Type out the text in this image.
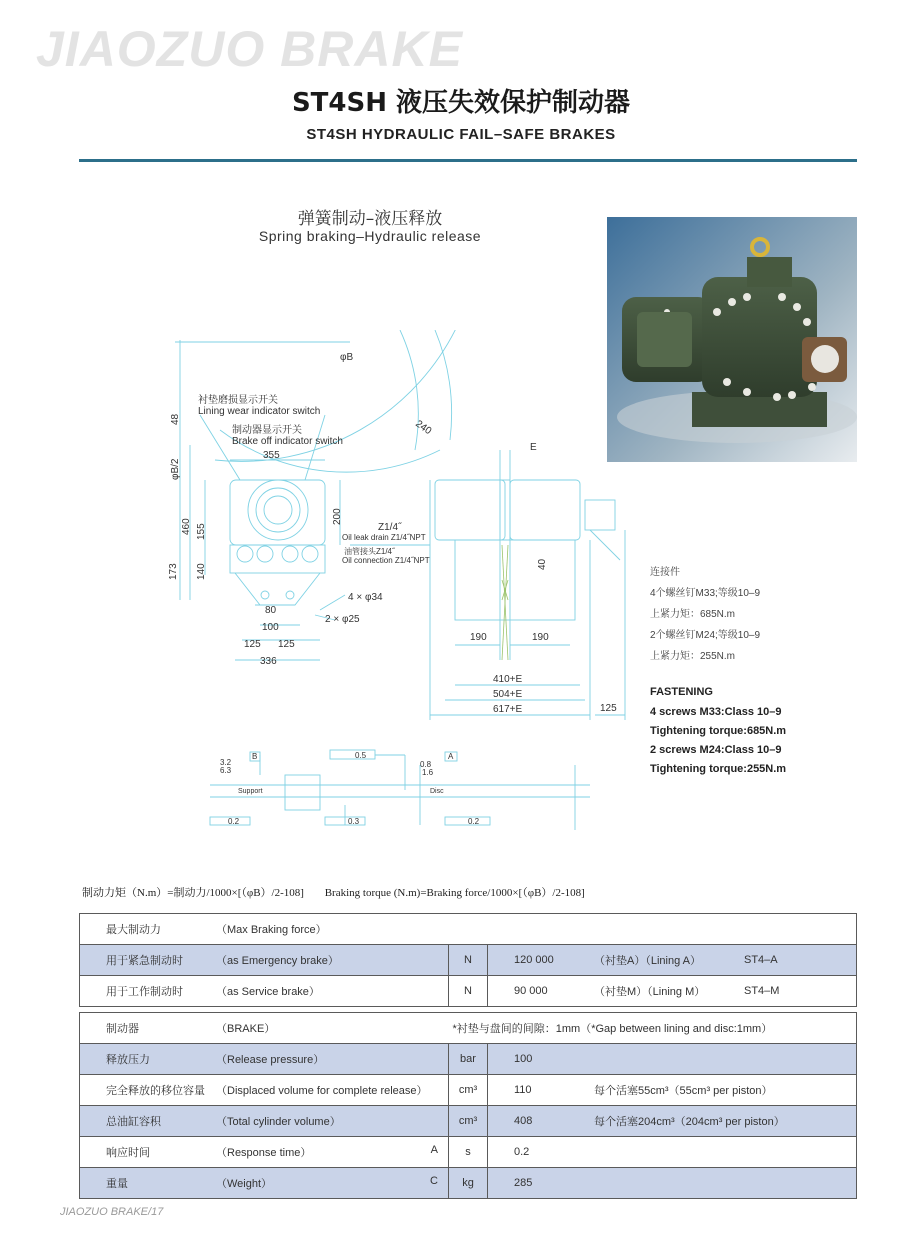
JIAOZUO BRAKE
ST4SH 液压失效保护制动器
ST4SH HYDRAULIC FAIL–SAFE BRAKES
弹簧制动–液压释放
Spring braking–Hydraulic release
φB
240
48
φB/2
衬垫磨损显示开关
Lining wear indicator switch
制动器显示开关
Brake off indicator switch
355
200
Z1/4˝
Oil leak drain Z1/4˝NPT
油管接头Z1/4˝
Oil connection Z1/4˝NPT
460 155
140
173
80
100
125 125
336
4 × φ34
2 × φ25
E
40
190	190
410+E
504+E
617+E	125
0.5
0.3
0.2	0.2
A
B
3.2
6.3
0.8
1.6
Support	Disc
连接件
4个螺丝钉M33;等级10–9
上紧力矩：685N.m
2个螺丝钉M24;等级10–9
上紧力矩：255N.m
FASTENING
4 screws M33:Class 10–9
Tightening torque:685N.m
2 screws M24:Class 10–9
Tightening torque:255N.m
制动力矩（N.m）=制动力/1000×[（φB）/2-108] Braking torque (N.m)=Braking force/1000×[（φB）/2-108]
最大制动力	（Max Braking force）				
用于紧急制动时	（as Emergency brake）	N	120 000	（衬垫A）（Lining A）	ST4–A
用于工作制动时	（as Service brake）	N	90 000	（衬垫M）（Lining M）	ST4–M
制动器	（BRAKE）	*衬垫与盘间的间隙：1mm（*Gap between lining and disc:1mm）		
释放压力	（Release pressure）	bar	100	
完全释放的移位容量	（Displaced volume for complete release）	cm³	110	每个活塞55cm³（55cm³ per piston）
总油缸容积	（Total cylinder volume）	cm³	408	每个活塞204cm³（204cm³ per piston）
响应时间	（Response time） A	s	0.2	
重量	（Weight） C	kg	285	
JIAOZUO BRAKE/17
